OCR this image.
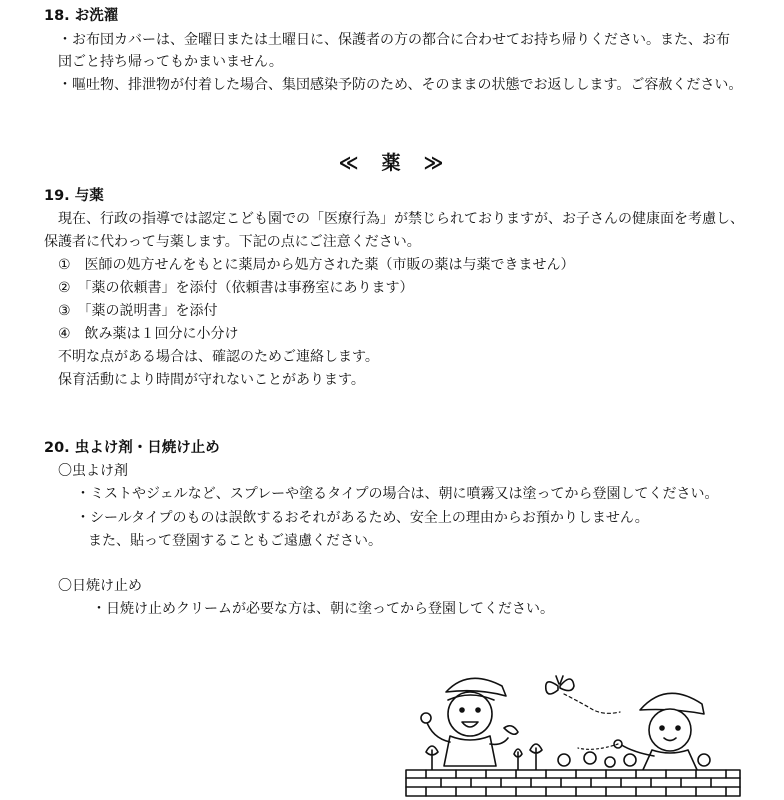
18. お洗濯
・お布団カバーは、金曜日または土曜日に、保護者の方の都合に合わせてお持ち帰りください。また、お布
団ごと持ち帰ってもかまいません。
・嘔吐物、排泄物が付着した場合、集団感染予防のため、そのままの状態でお返しします。ご容赦ください。
≪　薬　≫
19. 与薬
現在、行政の指導では認定こども園での「医療行為」が禁じられておりますが、お子さんの健康面を考慮し、
保護者に代わって与薬します。下記の点にご注意ください。
①　医師の処方せんをもとに薬局から処方された薬（市販の薬は与薬できません）
②　「薬の依頼書」を添付（依頼書は事務室にあります）
③　「薬の説明書」を添付
④　飲み薬は１回分に小分け
不明な点がある場合は、確認のためご連絡します。
保育活動により時間が守れないことがあります。
20. 虫よけ剤・日焼け止め
〇虫よけ剤
・ミストやジェルなど、スプレーや塗るタイプの場合は、朝に噴霧又は塗ってから登園してください。
・シールタイプのものは誤飲するおそれがあるため、安全上の理由からお預かりしません。
また、貼って登園することもご遠慮ください。
〇日焼け止め
・日焼け止めクリームが必要な方は、朝に塗ってから登園してください。
